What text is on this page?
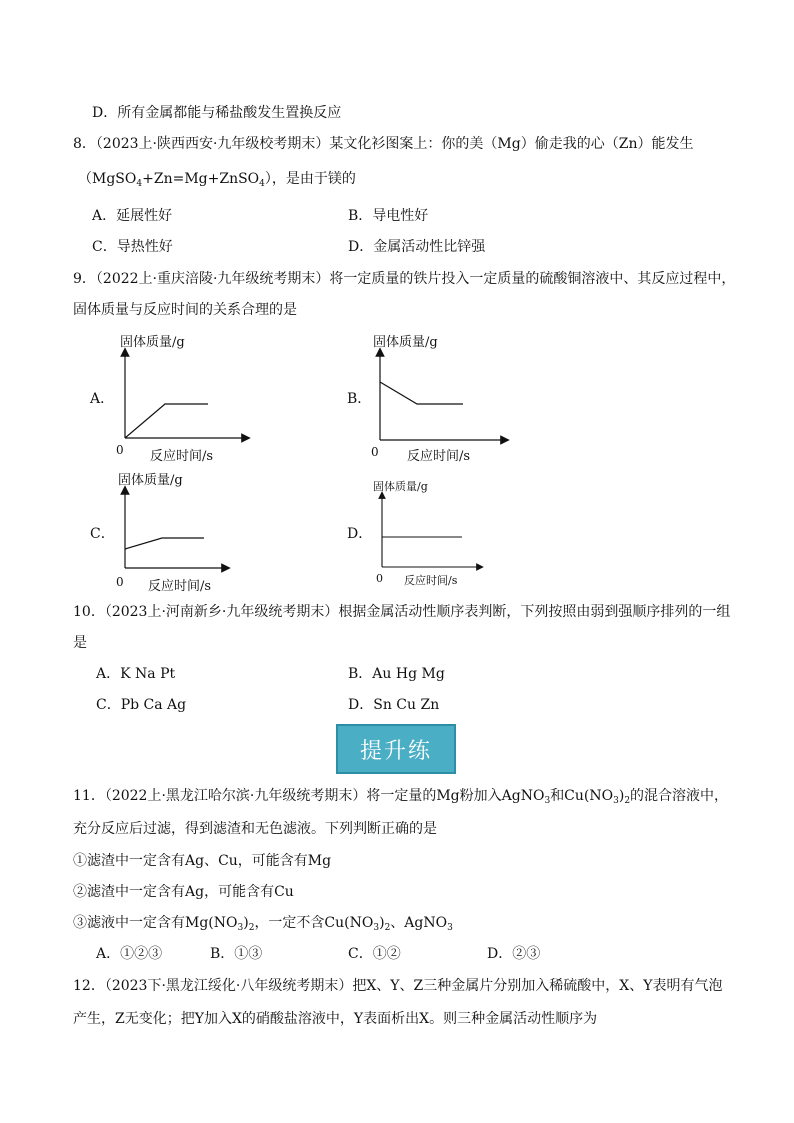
D．所有金属都能与稀盐酸发生置换反应
8．（2023上·陕西西安·九年级校考期末）某文化衫图案上：你的美（Mg）偷走我的心（Zn）能发生
（MgSO$_4$+Zn=Mg+ZnSO$_4$），是由于镁的
A．延展性好	B．导电性好
C．导热性好	D．金属活动性比锌强
9．（2022上·重庆涪陵·九年级统考期末）将一定质量的铁片投入一定质量的硫酸铜溶液中、其反应过程中，
固体质量与反应时间的关系合理的是
A．
固体质量/g
0 反应时间/s
B．
固体质量/g
0 反应时间/s
C．
固体质量/g
0 反应时间/s
D．
固体质量/g
0 反应时间/s
10．（2023上·河南新乡·九年级统考期末）根据金属活动性顺序表判断，下列按照由弱到强顺序排列的一组
是
A．K Na Pt	B．Au Hg Mg
C．Pb Ca Ag	D．Sn Cu Zn
提升练
11．（2022上·黑龙江哈尔滨·九年级统考期末）将一定量的Mg粉加入AgNO$_3$和$Cu(NO_3)_2$的混合溶液中，
充分反应后过滤，得到滤渣和无色滤液。下列判断正确的是
①滤渣中一定含有Ag、Cu，可能含有Mg
②滤渣中一定含有Ag，可能含有Cu
③滤液中一定含有$Mg(NO_3)_2$，一定不含$Cu(NO_3)_2$、AgNO$_3$
A．①②③	B．①③	C．①②	D．②③
12．（2023下·黑龙江绥化·八年级统考期末）把X、Y、Z三种金属片分别加入稀硫酸中，X、Y表明有气泡
产生，Z无变化；把Y加入X的硝酸盐溶液中，Y表面析出X。则三种金属活动性顺序为
